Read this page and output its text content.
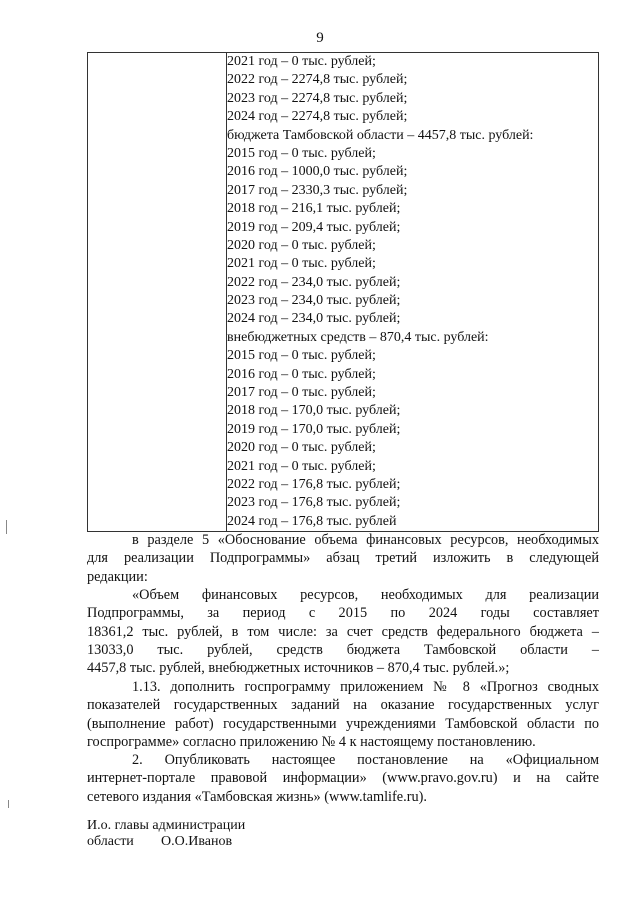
9

2021 год – 0 тыс. рублей;
2022 год – 2274,8 тыс. рублей;
2023 год – 2274,8 тыс. рублей;
2024 год – 2274,8 тыс. рублей;
бюджета Тамбовской области – 4457,8 тыс. рублей:
2015 год – 0 тыс. рублей;
2016 год – 1000,0 тыс. рублей;
2017 год – 2330,3 тыс. рублей;
2018 год – 216,1 тыс. рублей;
2019 год – 209,4 тыс. рублей;
2020 год – 0 тыс. рублей;
2021 год – 0 тыс. рублей;
2022 год – 234,0 тыс. рублей;
2023 год – 234,0 тыс. рублей;
2024 год – 234,0 тыс. рублей;
внебюджетных средств – 870,4 тыс. рублей:
2015 год – 0 тыс. рублей;
2016 год – 0 тыс. рублей;
2017 год – 0 тыс. рублей;
2018 год – 170,0 тыс. рублей;
2019 год – 170,0 тыс. рублей;
2020 год – 0 тыс. рублей;
2021 год – 0 тыс. рублей;
2022 год – 176,8 тыс. рублей;
2023 год – 176,8 тыс. рублей;
2024 год – 176,8 тыс. рублей
в разделе 5 «Обоснование объема финансовых ресурсов, необходимых
для реализации Подпрограммы» абзац третий изложить в следующей
редакции:
«Объем финансовых ресурсов, необходимых для реализации
Подпрограммы, за период с 2015 по 2024 годы составляет
18361,2 тыс. рублей, в том числе: за счет средств федерального бюджета –
13033,0 тыс. рублей, средств бюджета Тамбовской области –
4457,8 тыс. рублей, внебюджетных источников – 870,4 тыс. рублей.»;
1.13. дополнить госпрограмму приложением № 8 «Прогноз сводных
показателей государственных заданий на оказание государственных услуг
(выполнение работ) государственными учреждениями Тамбовской области по
госпрограмме» согласно приложению № 4 к настоящему постановлению.
2. Опубликовать настоящее постановление на «Официальном
интернет-портале правовой информации» (www.pravo.gov.ru) и на сайте
сетевого издания «Тамбовская жизнь» (www.tamlife.ru).
И.о. главы администрации
области О.О.Иванов
